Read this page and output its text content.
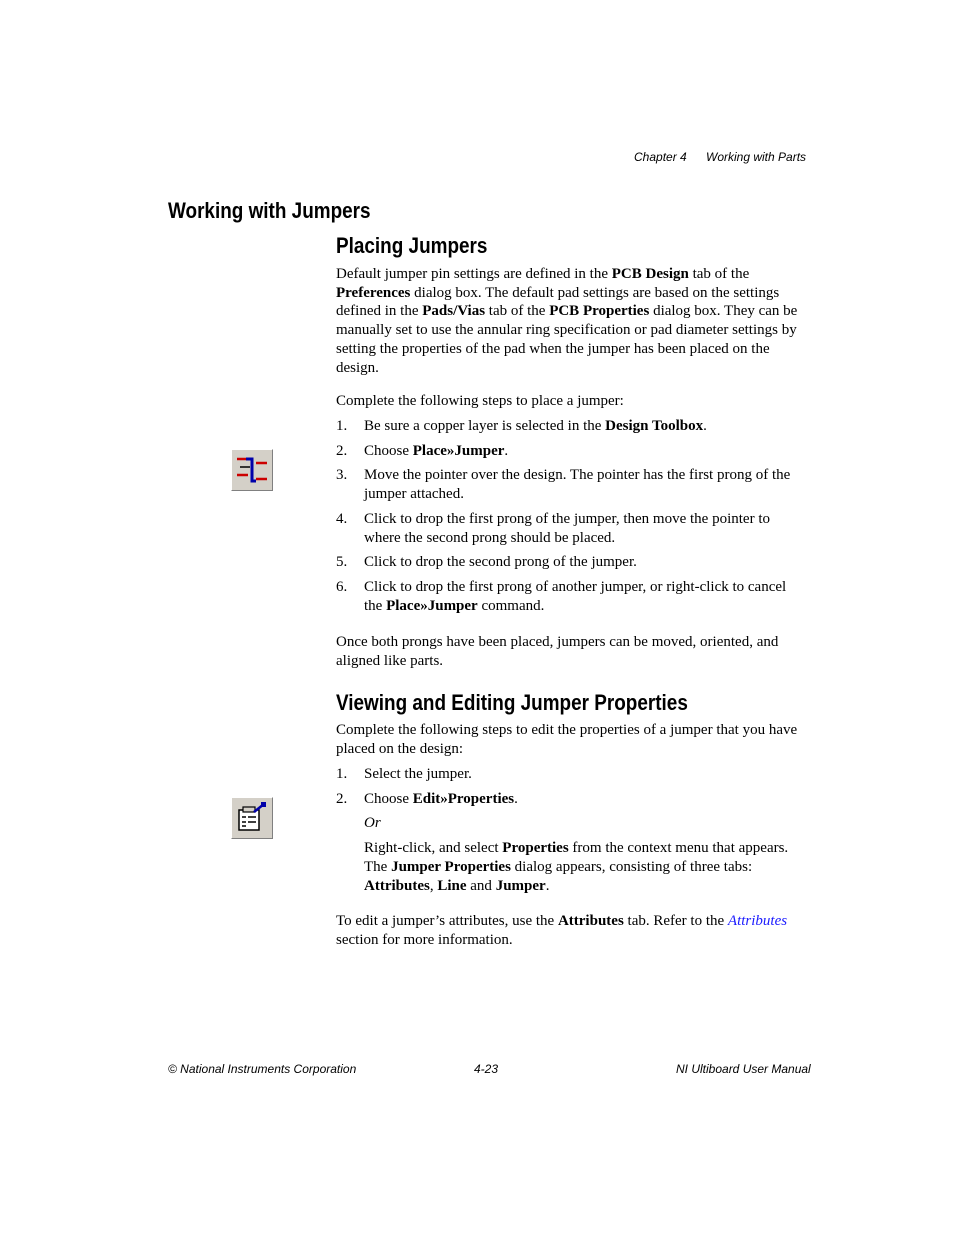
Chapter 4 Working with Parts
Working with Jumpers
Placing Jumpers

Default jumper pin settings are defined in the PCB Design tab of the Preferences dialog box. The default pad settings are based on the settings defined in the Pads/Vias tab of the PCB Properties dialog box. They can be manually set to use the annular ring specification or pad diameter settings by setting the properties of the pad when the jumper has been placed on the design.

Complete the following steps to place a jumper:

1. Be sure a copper layer is selected in the Design Toolbox.
2. Choose Place»Jumper.
3. Move the pointer over the design. The pointer has the first prong of the jumper attached.
4. Click to drop the first prong of the jumper, then move the pointer to where the second prong should be placed.
5. Click to drop the second prong of the jumper.
6. Click to drop the first prong of another jumper, or right-click to cancel the Place»Jumper command.

Once both prongs have been placed, jumpers can be moved, oriented, and aligned like parts.

Viewing and Editing Jumper Properties

Complete the following steps to edit the properties of a jumper that you have placed on the design:

1. Select the jumper.
2. Choose Edit»Properties.

Or

Right-click, and select Properties from the context menu that appears. The Jumper Properties dialog appears, consisting of three tabs: Attributes, Line and Jumper.

To edit a jumper’s attributes, use the Attributes tab. Refer to the Attributes section for more information.

© National Instruments Corporation	4-23	NI Ultiboard User Manual
